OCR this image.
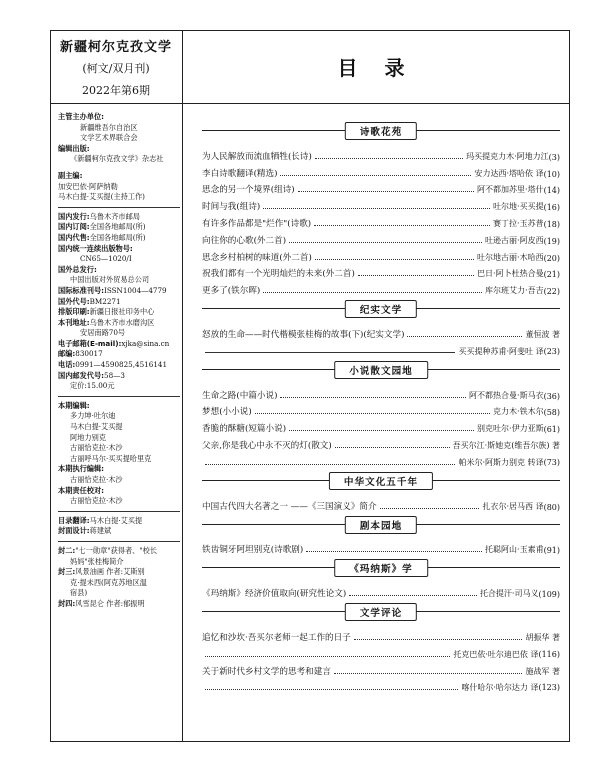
新疆柯尔克孜文学
(柯文/双月刊)
2022年第6期
目 录
主管主办单位:
新疆维吾尔自治区
文学艺术界联合会
编辑出版:
《新疆柯尔克孜文学》杂志社
副主编:
加安巴依·阿萨纳勒
马木白提·艾买提(主持工作)
国内发行:乌鲁木齐市邮局
国内订阅:全国各地邮局(所)
国内代售:全国各地邮局(所)
国内统一连续出版物号:
CN65—1020/I
国外总发行:
中国出版对外贸易总公司
国际标准刊号:ISSN1004—4779
国外代号:BM2271
排版印刷:新疆日报社印务中心
本刊地址:乌鲁木齐市水磨沟区
安居南路70号
电子邮箱(E-mail):xjka@sina.cn
邮编:830017
电话:0991—4590825,4516141
国内邮发代号:58—3
定价:15.00元
本期编辑:
多力坤·吐尔迪
马木白提·艾买提
阿地力别克
古丽恰克拉·木沙
古丽呼马尔·买买提哈里克
本期执行编辑:
古丽恰克拉·木沙
本期责任校对:
古丽恰克拉·木沙
目录翻译:马木白提·艾买提
封面设计:蒋建斌
封二:"七一勋章"获得者、"校长
妈妈"张桂梅简介
封三:风景油画 作者:艾斯别
克·提未西(阿克苏地区温
宿县)
封四:风雪昆仑 作者:郁振明
诗歌花苑
为人民解放而流血牺牲(长诗)	玛买提克力木·阿地力江 (3)
李白诗歌翻译(精选)	安力达西·塔哈依 译 (10)
思念的另一个境界(组诗)	阿不都加苏里·塔什 (14)
时间与我(组诗)	吐尔地·买买提 (16)
有许多作品都是"烂作"(诗歌)	赛丁拉·玉苏普 (18)
向往你的心歌(外二首)	吐逊古丽·阿皮西 (19)
思念乡村柏树的味道(外二首)	吐尔地古丽·木哈西 (20)
祝我们都有一个光明灿烂的未来(外二首)	巴日·阿卜杜热合曼 (21)
更多了(铁尔晖)	库尔班艾力·吾吉 (22)
纪实文学
怒放的生命——时代楷模张桂梅的故事(下)(纪实文学)	董恒波 著
买买提种苏甫·阿斐吐 译(23)
小说散文园地
生命之路(中篇小说)	阿不都热合曼·斯马衣 (36)
梦想(小小说)	克力木·铁木尔 (58)
香脆的酥糖(短篇小说)	别克吐尔·伊力亚斯 (61)
父亲,你是我心中永不灭的灯(散文)	吾买尔江·斯她克(维吾尔族) 著
帕米尔·阿斯力别克 转译(73)
中华文化五千年
中国古代四大名著之一 ——《三国演义》简介	扎衣尔·居马西 译 (80)
剧本园地
铁齿铜牙阿坦别克(诗歌剧)	托聪阿山·玉素甫 (91)
《玛纳斯》学
《玛纳斯》经济价值取向(研究性论文)	托合提汗·司马义 (109)
文学评论
追忆和沙坎·吾买尔老师一起工作的日子	胡振华 著
托克巴依·吐尔迪巴依 译(116)
关于新时代乡村文学的思考和建言	施战军 著
喀什哈尔·哈尔达力 译(123)
